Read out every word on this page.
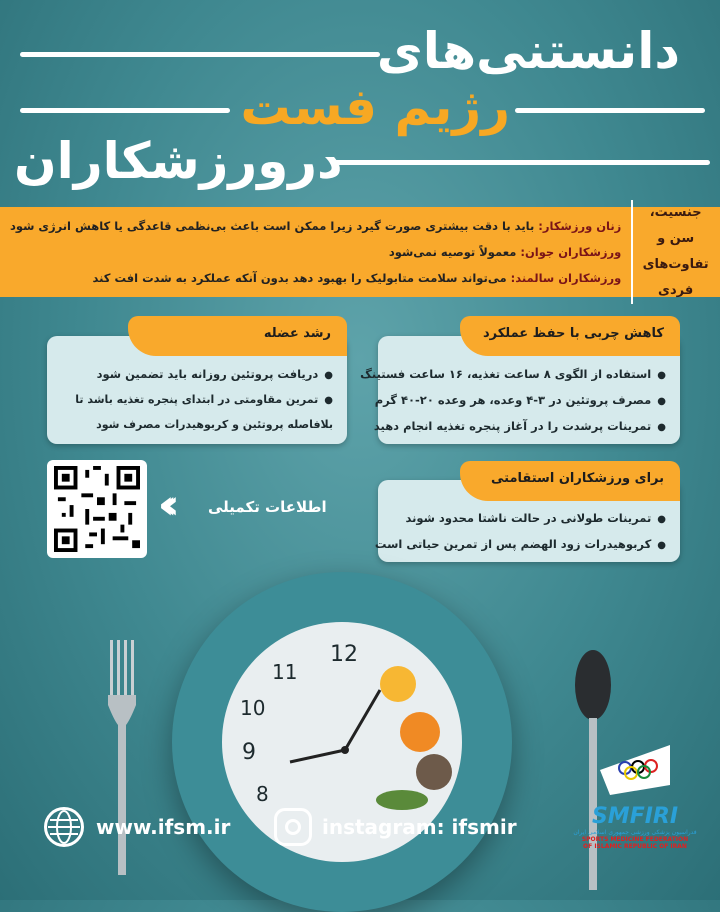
دانستنی‌های
رژیم فست
درورزشکاران
جنسیت، سن و
تفاوت‌های
فردی
زنان ورزشکار: باید با دقت بیشتری صورت گیرد زیرا ممکن است باعث بی‌نظمی قاعدگی یا کاهش انرژی شود
ورزشکاران جوان: معمولاً توصیه نمی‌شود
ورزشکاران سالمند: می‌تواند سلامت متابولیک را بهبود دهد بدون آنکه عملکرد به شدت افت کند
● استفاده از الگوی ۸ ساعت تغذیه، ۱۶ ساعت فستینگ
● مصرف پروتئین در ۳-۴ وعده، هر وعده ۲۰-۴۰ گرم
● تمرینات پرشدت را در آغاز پنجره تغذیه انجام دهید
کاهش چربی با حفظ عملکرد
● دریافت پروتئین روزانه باید تضمین شود
● تمرین مقاومتی در ابتدای پنجره تغذیه باشد تا بلافاصله پروتئین و کربوهیدرات مصرف شود
رشد عضله
● تمرینات طولانی در حالت ناشتا محدود شوند
● کربوهیدرات زود الهضم پس از تمرین حیاتی است
برای ورزشکاران استقامتی
‹‹‹	اطلاعات تکمیلی
12
11
10
9
8
SMFIRI
فدراسیون پزشکی ورزشی جمهوری اسلامی ایران
SPORTS MEDICINE FEDERATION
OF ISLAMIC REPUBLIC OF IRAN
www.ifsm.ir	instagram: ifsmir
